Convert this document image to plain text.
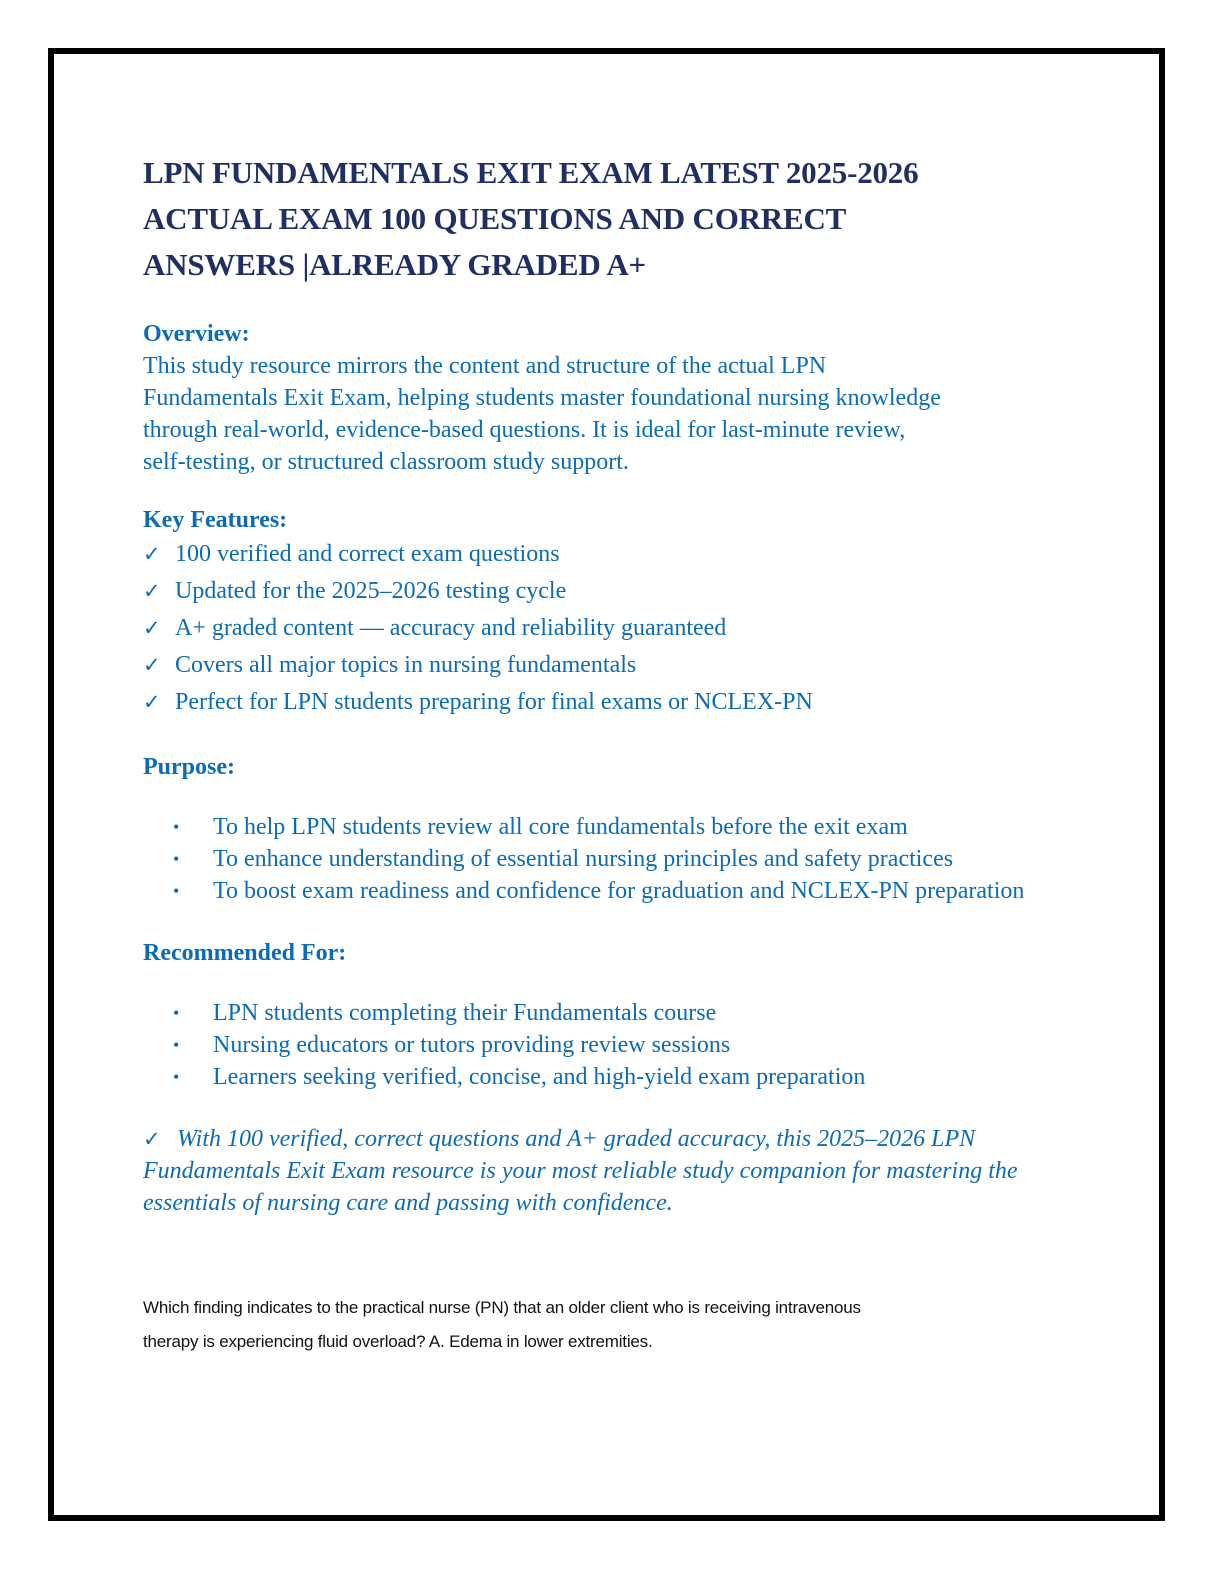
LPN FUNDAMENTALS EXIT EXAM LATEST 2025-2026
ACTUAL EXAM 100 QUESTIONS AND CORRECT
ANSWERS |ALREADY GRADED A+

Overview:

This study resource mirrors the content and structure of the actual LPN

Fundamentals Exit Exam, helping students master foundational nursing knowledge

through real-world, evidence-based questions. It is ideal for last-minute review,

self-testing, or structured classroom study support.

Key Features:

✓ 100 verified and correct exam questions

✓ Updated for the 2025–2026 testing cycle

✓ A+ graded content — accuracy and reliability guaranteed

✓ Covers all major topics in nursing fundamentals

✓ Perfect for LPN students preparing for final exams or NCLEX-PN

Purpose:

• To help LPN students review all core fundamentals before the exit exam
• To enhance understanding of essential nursing principles and safety practices
• To boost exam readiness and confidence for graduation and NCLEX-PN preparation

Recommended For:

• LPN students completing their Fundamentals course
• Nursing educators or tutors providing review sessions
• Learners seeking verified, concise, and high-yield exam preparation

✓ With 100 verified, correct questions and A+ graded accuracy, this 2025–2026 LPN Fundamentals Exit Exam resource is your most reliable study companion for mastering the essentials of nursing care and passing with confidence.

Which finding indicates to the practical nurse (PN) that an older client who is receiving intravenous

therapy is experiencing fluid overload? A. Edema in lower extremities.
